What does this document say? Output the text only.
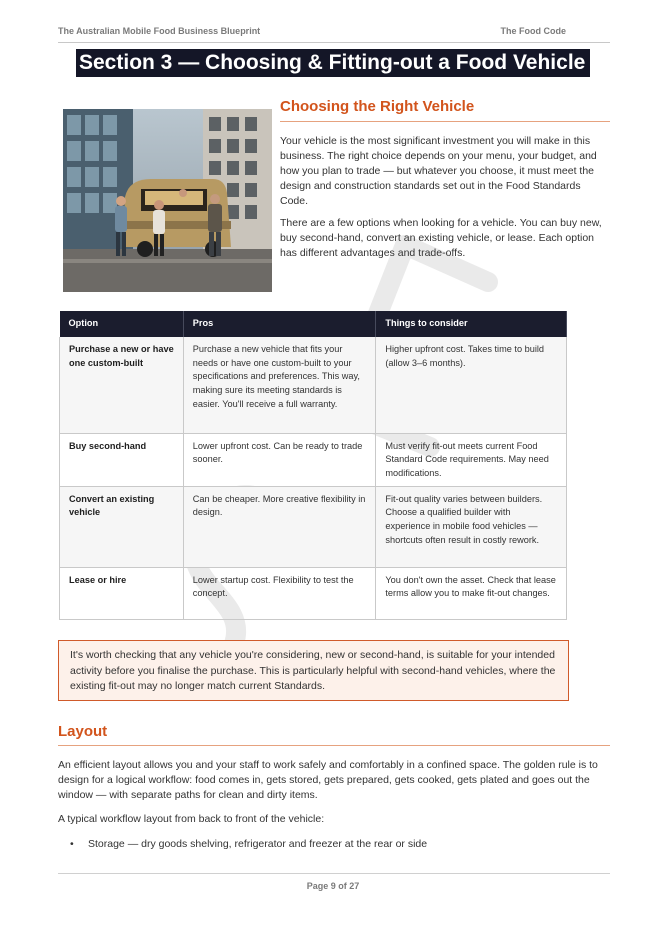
The Australian Mobile Food Business Blueprint	The Food Code
Section 3 — Choosing & Fitting-out a Food Vehicle
Choosing the Right Vehicle
Your vehicle is the most significant investment you will make in this business. The right choice depends on your menu, your budget, and how you plan to trade — but whatever you choose, it must meet the design and construction standards set out in the Food Standards Code.
There are a few options when looking for a vehicle. You can buy new, buy second-hand, convert an existing vehicle, or lease. Each option has different advantages and trade-offs.
Option	Pros	Things to consider
Purchase a new or have one custom-built	Purchase a new vehicle that fits your needs or have one custom-built to your specifications and preferences. This way, making sure its meeting standards is easier. You'll receive a full warranty.	Higher upfront cost. Takes time to build (allow 3–6 months).
Buy second-hand	Lower upfront cost. Can be ready to trade sooner.	Must verify fit-out meets current Food Standard Code requirements. May need modifications.
Convert an existing vehicle	Can be cheaper. More creative flexibility in design.	Fit-out quality varies between builders. Choose a qualified builder with experience in mobile food vehicles — shortcuts often result in costly rework.
Lease or hire	Lower startup cost. Flexibility to test the concept.	You don't own the asset. Check that lease terms allow you to make fit-out changes.
It's worth checking that any vehicle you're considering, new or second-hand, is suitable for your intended activity before you finalise the purchase. This is particularly helpful with second-hand vehicles, where the existing fit-out may no longer match current Standards.
Layout
An efficient layout allows you and your staff to work safely and comfortably in a confined space. The golden rule is to design for a logical workflow: food comes in, gets stored, gets prepared, gets cooked, gets plated and goes out the window — with separate paths for clean and dirty items.
A typical workflow layout from back to front of the vehicle:
• Storage — dry goods shelving, refrigerator and freezer at the rear or side
Page 9 of 27
